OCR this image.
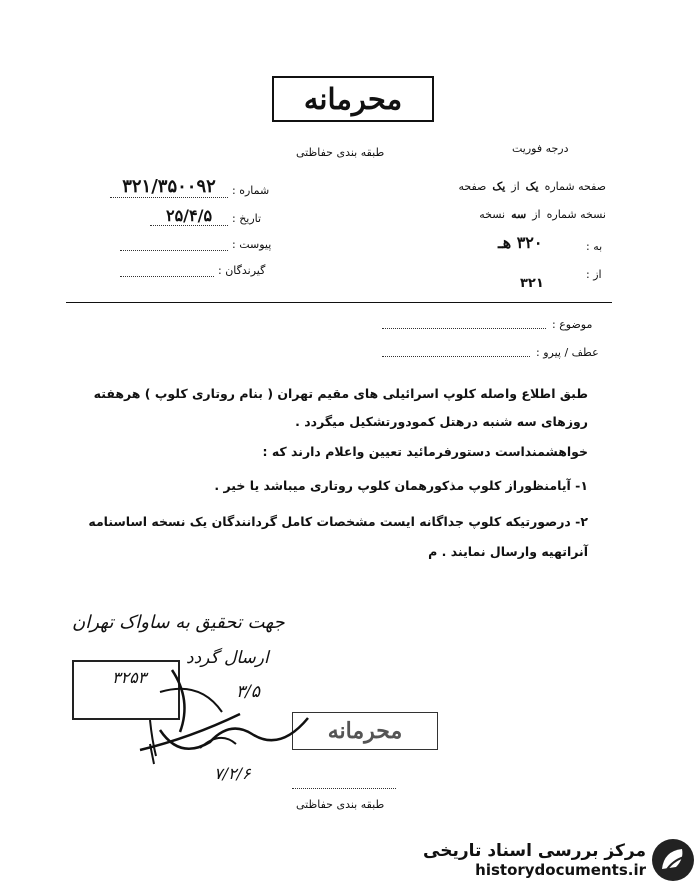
محرمانه
درجه فوریت
طبقه بندی حفاظتی
صفحه شماره
یک
از
یک
صفحه
نسخه شماره
از
سه
نسخه
به :
۳۲۰ هـ
از :
۳۲۱
شماره :
۳۲۱/۳۵۰۰۹۲
تاریخ :
۲۵/۴/۵
پیوست :
گیرندگان :
موضوع :
عطف / پیرو :
طبق اطلاع واصله کلوپ اسرائیلی های مقیم تهران ( بنام روتاری کلوپ ) هرهفته
روزهای سه شنبه درهتل کمودورتشکیل میگردد .
خواهشمنداست دستورفرمائید تعیین واعلام دارند که :
۱- آیامنظوراز کلوپ مذکورهمان کلوپ روتاری میباشد یا خیر .
۲- درصورتیکه کلوپ جداگانه ایست مشخصات کامل گردانندگان یک نسخه اساسنامه
آنراتهیه وارسال نمایند . م
جهت تحقیق به ساواک تهران
ارسال گردد
۳۲۵۳
۳/۵
محرمانه
۷/۲/۶
طبقه بندی حفاظتی
مرکز بررسی اسناد تاریخی
historydocuments.ir
